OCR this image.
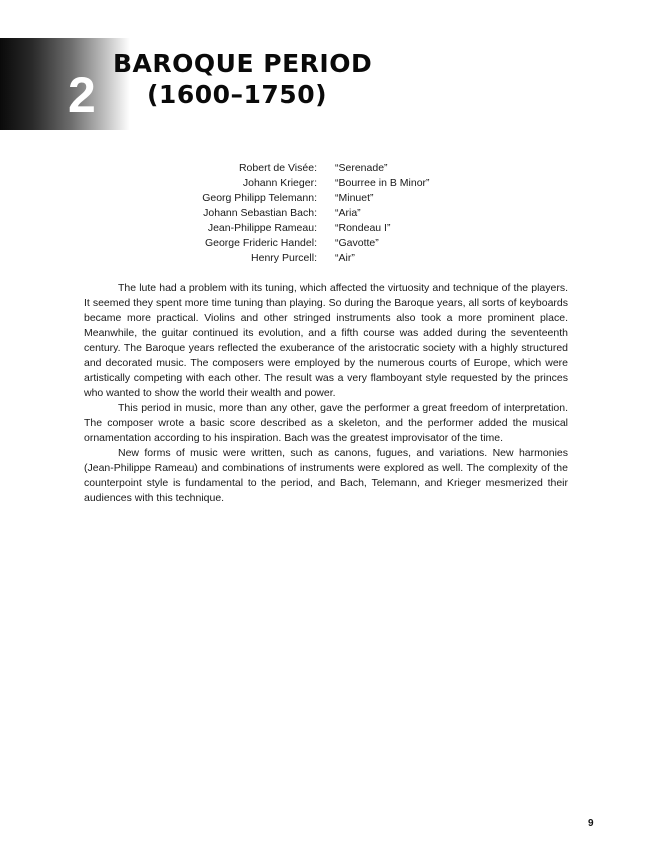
2
BAROQUE PERIOD
(1600–1750)
Robert de Visée:	“Serenade”
Johann Krieger:	“Bourree in B Minor”
Georg Philipp Telemann:	“Minuet”
Johann Sebastian Bach:	“Aria”
Jean-Philippe Rameau:	“Rondeau I”
George Frideric Handel:	“Gavotte”
Henry Purcell:	“Air”

The lute had a problem with its tuning, which affected the virtuosity and technique of the players. It seemed they spent more time tuning than playing. So during the Baroque years, all sorts of keyboards became more practical. Violins and other stringed instruments also took a more prominent place. Meanwhile, the guitar continued its evolution, and a fifth course was added during the seventeenth century. The Baroque years reflected the exuberance of the aristocratic society with a highly structured and decorated music. The composers were employed by the numerous courts of Europe, which were artistically competing with each other. The result was a very flamboyant style requested by the princes who wanted to show the world their wealth and power.

This period in music, more than any other, gave the performer a great freedom of interpretation. The composer wrote a basic score described as a skeleton, and the performer added the musical ornamentation according to his inspiration. Bach was the greatest improvisator of the time.

New forms of music were written, such as canons, fugues, and variations. New harmonies (Jean-Philippe Rameau) and combinations of instruments were explored as well. The complexity of the counterpoint style is fundamental to the period, and Bach, Telemann, and Krieger mesmerized their audiences with this technique.

9
